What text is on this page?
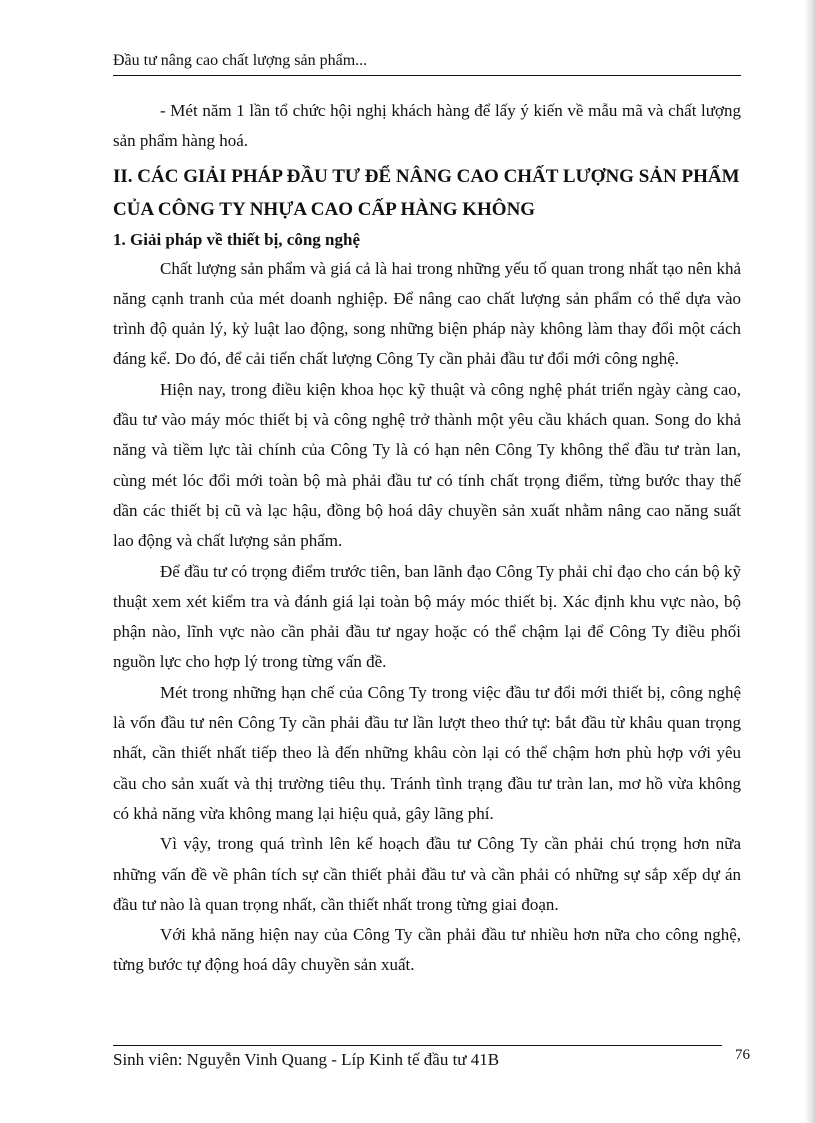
Đầu tư nâng cao chất lượng sản phẩm...

- Mét năm 1 lần tổ chức hội nghị khách hàng để lấy ý kiến về mẫu mã và chất lượng sản phẩm hàng hoá.

II. CÁC GIẢI PHÁP ĐẦU TƯ ĐỂ NÂNG CAO CHẤT LƯỢNG SẢN PHẨM CỦA CÔNG TY NHỰA CAO CẤP HÀNG KHÔNG

1. Giải pháp về thiết bị, công nghệ

Chất lượng sản phẩm và giá cả là hai trong những yếu tố quan trong nhất tạo nên khả năng cạnh tranh của mét doanh nghiệp. Để nâng cao chất lượng sản phẩm có thể dựa vào trình độ quản lý, kỷ luật lao động, song những biện pháp này không làm thay đổi một cách đáng kể. Do đó, để cải tiến chất lượng Công Ty cần phải đầu tư đổi mới công nghệ.

Hiện nay, trong điều kiện khoa học kỹ thuật và công nghệ phát triển ngày càng cao, đầu tư vào máy móc thiết bị và công nghệ trở thành một yêu cầu khách quan. Song do khả năng và tiềm lực tài chính của Công Ty là có hạn nên Công Ty không thể đầu tư tràn lan, cùng mét lóc đổi mới toàn bộ mà phải đầu tư có tính chất trọng điểm, từng bước thay thế dần các thiết bị cũ và lạc hậu, đồng bộ hoá dây chuyền sản xuất nhằm nâng cao năng suất lao động và chất lượng sản phẩm.

Để đầu tư có trọng điểm trước tiên, ban lãnh đạo Công Ty phải chỉ đạo cho cán bộ kỹ thuật xem xét kiểm tra và đánh giá lại toàn bộ máy móc thiết bị. Xác định khu vực nào, bộ phận nào, lĩnh vực nào cần phải đầu tư ngay hoặc có thể chậm lại để Công Ty điều phối nguồn lực cho hợp lý trong từng vấn đề.

Mét trong những hạn chế của Công Ty trong việc đầu tư đổi mới thiết bị, công nghệ là vốn đầu tư nên Công Ty cần phải đầu tư lần lượt theo thứ tự: bắt đầu từ khâu quan trọng nhất, cần thiết nhất tiếp theo là đến những khâu còn lại có thể chậm hơn phù hợp với yêu cầu cho sản xuất và thị trường tiêu thụ. Tránh tình trạng đầu tư tràn lan, mơ hồ vừa không có khả năng vừa không mang lại hiệu quả, gây lãng phí.

Vì vậy, trong quá trình lên kế hoạch đầu tư Công Ty cần phải chú trọng hơn nữa những vấn đề về phân tích sự cần thiết phải đầu tư và cần phải có những sự sắp xếp dự án đầu tư nào là quan trọng nhất, cần thiết nhất trong từng giai đoạn.

Với khả năng hiện nay của Công Ty cần phải đầu tư nhiều hơn nữa cho công nghệ, từng bước tự động hoá dây chuyền sản xuất.

Sinh viên: Nguyễn Vinh Quang - Líp Kinh tế đầu tư 41B	76
